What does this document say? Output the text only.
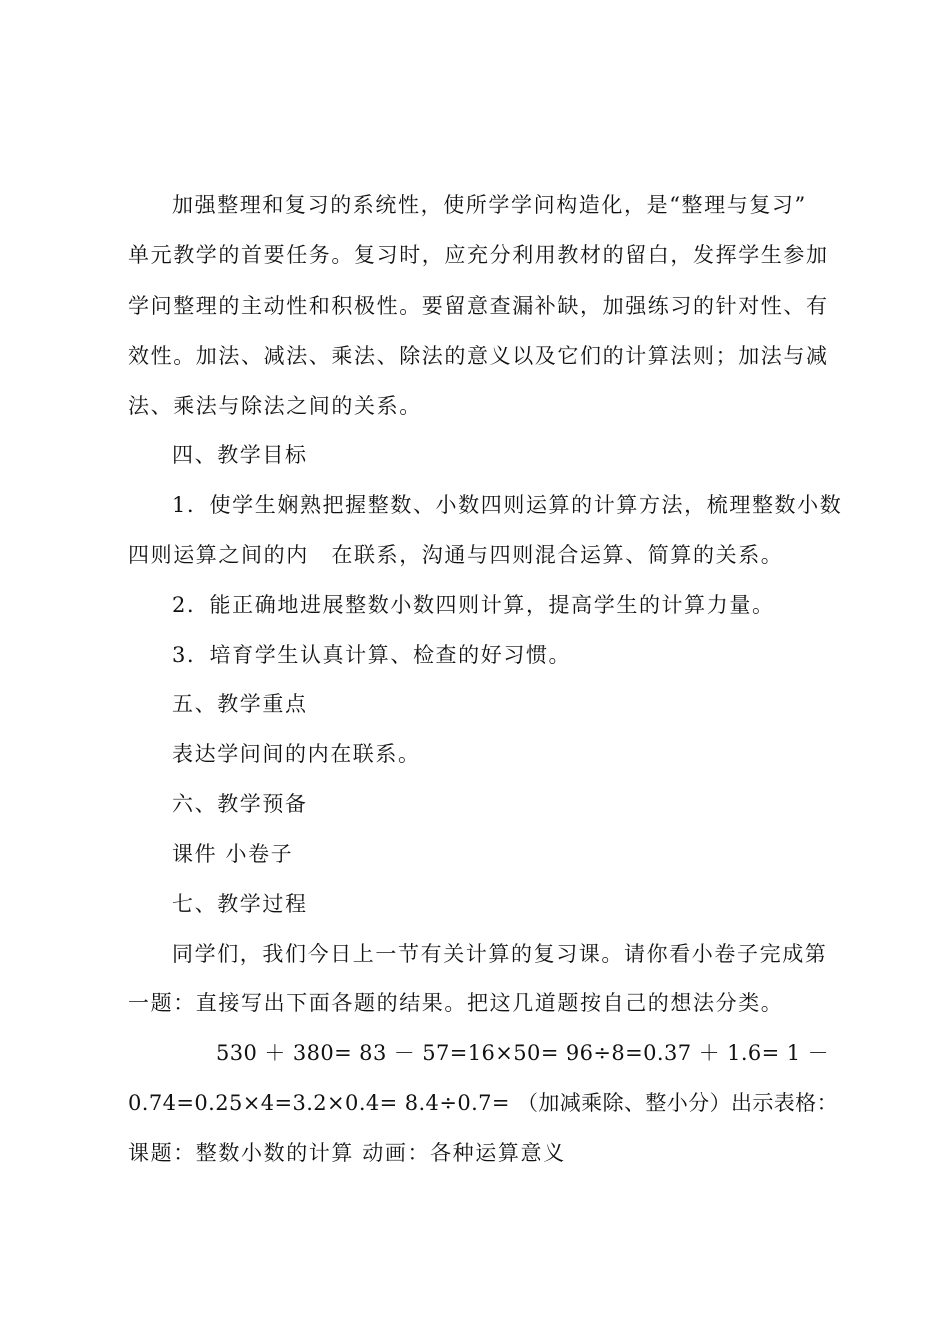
加强整理和复习的系统性，使所学学问构造化，是“整理与复习”
单元教学的首要任务。复习时，应充分利用教材的留白，发挥学生参加
学问整理的主动性和积极性。要留意查漏补缺，加强练习的针对性、有
效性。加法、减法、乘法、除法的意义以及它们的计算法则；加法与减
法、乘法与除法之间的关系。
四、教学目标
1．使学生娴熟把握整数、小数四则运算的计算方法，梳理整数小数
四则运算之间的内　在联系，沟通与四则混合运算、简算的关系。
2．能正确地进展整数小数四则计算，提高学生的计算力量。
3．培育学生认真计算、检查的好习惯。
五、教学重点
表达学问间的内在联系。
六、教学预备
课件 小卷子
七、教学过程
同学们，我们今日上一节有关计算的复习课。请你看小卷子完成第
一题：直接写出下面各题的结果。把这几道题按自己的想法分类。
530 ＋ 380= 83 － 57=16×50= 96÷8=0.37 ＋ 1.6= 1 －
0.74=0.25×4=3.2×0.4= 8.4÷0.7= （加减乘除、整小分）出示表格：
课题：整数小数的计算 动画：各种运算意义
